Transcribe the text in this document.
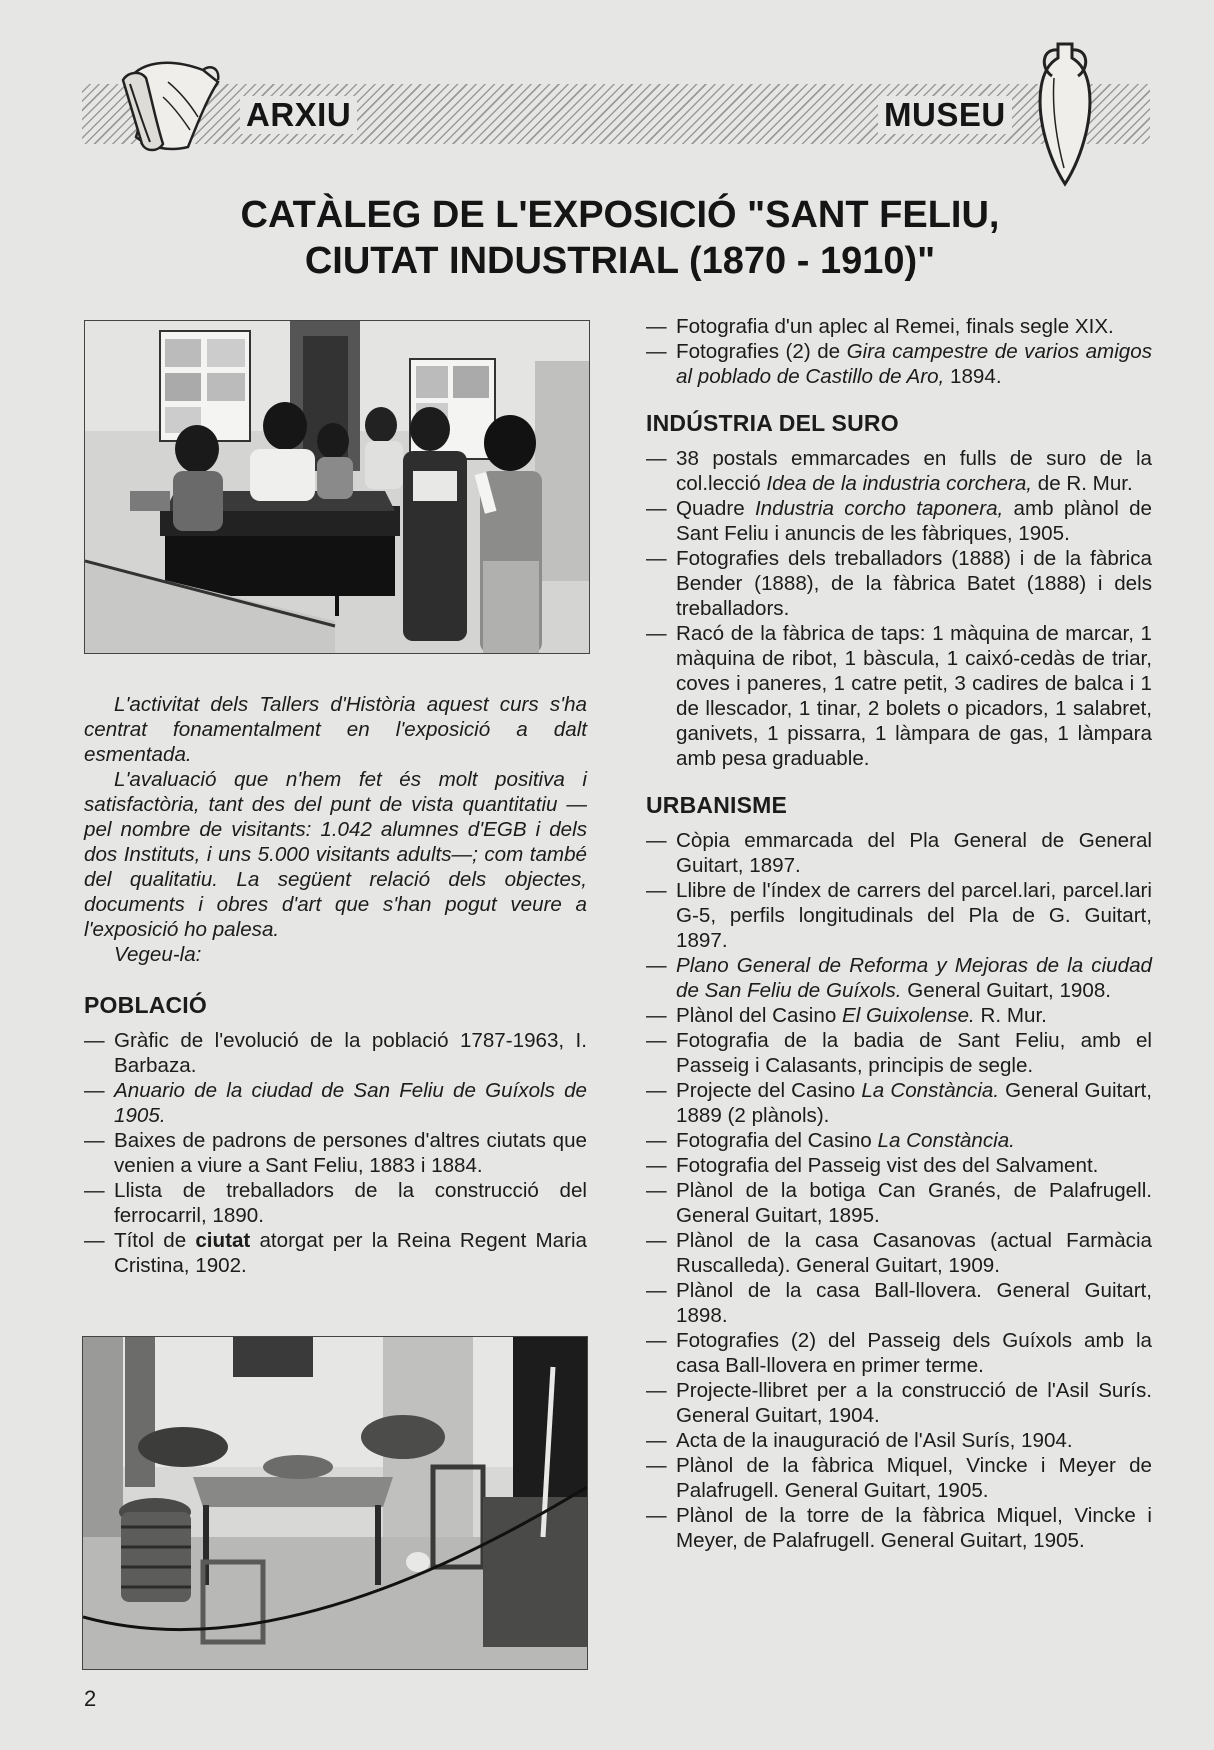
ARXIU	MUSEU
CATÀLEG DE L'EXPOSICIÓ "SANT FELIU,
CIUTAT INDUSTRIAL (1870 - 1910)"

L'activitat dels Tallers d'Història aquest curs s'ha centrat fonamentalment en l'exposició a dalt esmentada.

L'avaluació que n'hem fet és molt positiva i satisfactòria, tant des del punt de vista quantitatiu —pel nombre de visitants: 1.042 alumnes d'EGB i dels dos Instituts, i uns 5.000 visitants adults—; com també del qualitatiu. La següent relació dels objectes, documents i obres d'art que s'han pogut veure a l'exposició ho palesa.

Vegeu-la:

POBLACIÓ
— Gràfic de l'evolució de la població 1787-1963, I. Barbaza.
— Anuario de la ciudad de San Feliu de Guíxols de 1905.
— Baixes de padrons de persones d'altres ciutats que venien a viure a Sant Feliu, 1883 i 1884.
— Llista de treballadors de la construcció del ferrocarril, 1890.
— Títol de ciutat atorgat per la Reina Regent Maria Cristina, 1902.
— Fotografia d'un aplec al Remei, finals segle XIX.
— Fotografies (2) de Gira campestre de varios amigos al poblado de Castillo de Aro, 1894.
INDÚSTRIA DEL SURO
— 38 postals emmarcades en fulls de suro de la col.lecció Idea de la industria corchera, de R. Mur.
— Quadre Industria corcho taponera, amb plànol de Sant Feliu i anuncis de les fàbriques, 1905.
— Fotografies dels treballadors (1888) i de la fàbrica Bender (1888), de la fàbrica Batet (1888) i dels treballadors.
— Racó de la fàbrica de taps: 1 màquina de marcar, 1 màquina de ribot, 1 bàscula, 1 caixó-cedàs de triar, coves i paneres, 1 catre petit, 3 cadires de balca i 1 de llescador, 1 tinar, 2 bolets o picadors, 1 salabret, ganivets, 1 pissarra, 1 làmpara de gas, 1 làmpara amb pesa graduable.
URBANISME
— Còpia emmarcada del Pla General de General Guitart, 1897.
— Llibre de l'índex de carrers del parcel.lari, parcel.lari G-5, perfils longitudinals del Pla de G. Guitart, 1897.
— Plano General de Reforma y Mejoras de la ciudad de San Feliu de Guíxols. General Guitart, 1908.
— Plànol del Casino El Guixolense. R. Mur.
— Fotografia de la badia de Sant Feliu, amb el Passeig i Calasants, principis de segle.
— Projecte del Casino La Constància. General Guitart, 1889 (2 plànols).
— Fotografia del Casino La Constància.
— Fotografia del Passeig vist des del Salvament.
— Plànol de la botiga Can Granés, de Palafrugell. General Guitart, 1895.
— Plànol de la casa Casanovas (actual Farmàcia Ruscalleda). General Guitart, 1909.
— Plànol de la casa Ball-llovera. General Guitart, 1898.
— Fotografies (2) del Passeig dels Guíxols amb la casa Ball-llovera en primer terme.
— Projecte-llibret per a la construcció de l'Asil Surís. General Guitart, 1904.
— Acta de la inauguració de l'Asil Surís, 1904.
— Plànol de la fàbrica Miquel, Vincke i Meyer de Palafrugell. General Guitart, 1905.
— Plànol de la torre de la fàbrica Miquel, Vincke i Meyer, de Palafrugell. General Guitart, 1905.
2
